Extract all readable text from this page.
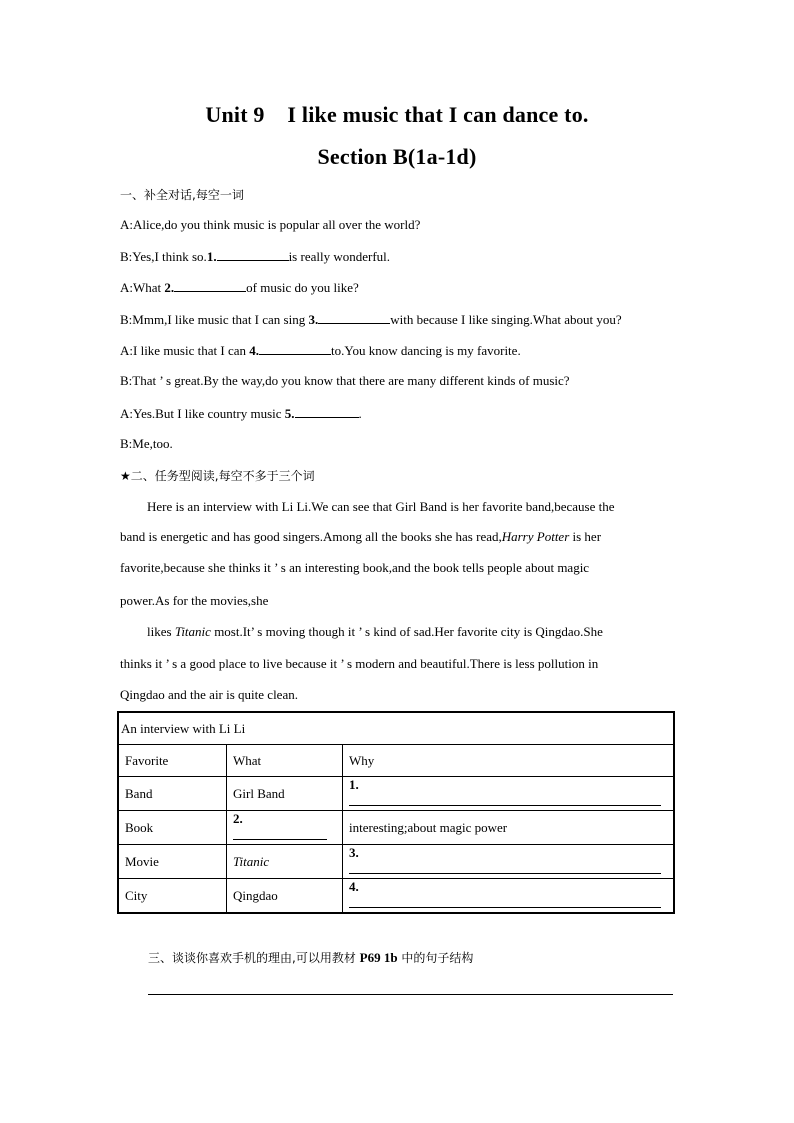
Unit 9    I like music that I can dance to.
Section B(1a-1d)
一、补全对话,每空一词
A:Alice,do you think music is popular all over the world?
B:Yes,I think so.1.	is really wonderful.
A:What 2.	of music do you like?
B:Mmm,I like music that I can sing 3.	with because I like singing.What about you?
A:I like music that I can 4.	to.You know dancing is my favorite.
B:That ’ s great.By the way,do you know that there are many different kinds of music?
A:Yes.But I like country music 5.	.
B:Me,too.
★二、任务型阅读,每空不多于三个词
Here is an interview with Li Li.We can see that Girl Band is her favorite band,because the
band is energetic and has good singers.Among all the books she has read,Harry Potter is her
favorite,because she thinks it ’ s an interesting book,and the book tells people about magic
power.As for the movies,she
likes Titanic most.It’ s moving though it ’ s kind of sad.Her favorite city is Qingdao.She
thinks it ’ s a good place to live because it ’ s modern and beautiful.There is less pollution in
Qingdao and the air is quite clean.
An interview with Li Li		
Favorite	What	Why
Band	Girl Band	1.
Book	2.	interesting;about magic power
Movie	Titanic	3.
City	Qingdao	4.
三、谈谈你喜欢手机的理由,可以用教材 P69 1b 中的句子结构
